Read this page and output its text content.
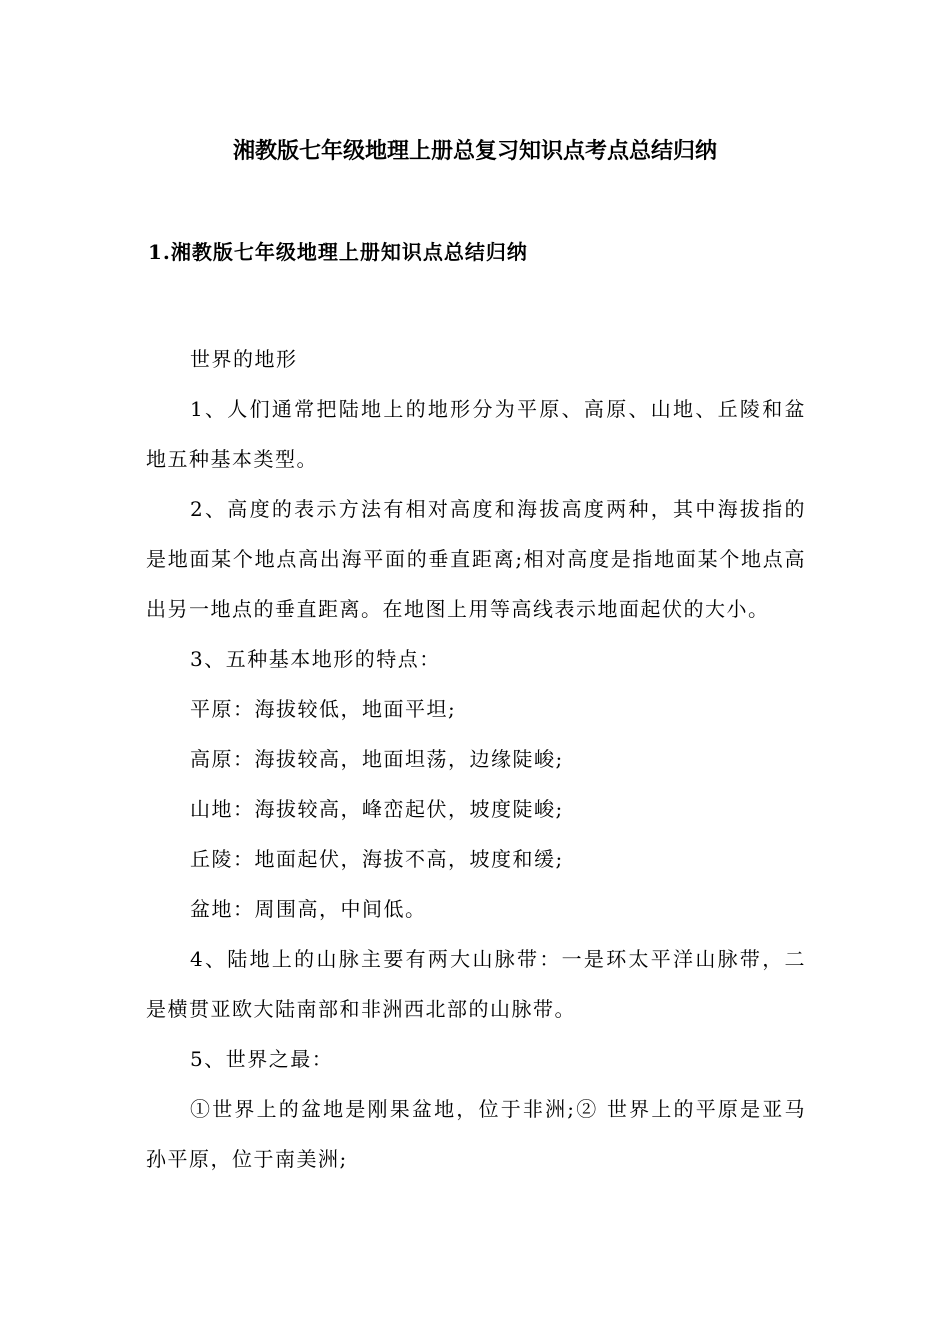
湘教版七年级地理上册总复习知识点考点总结归纳
1.湘教版七年级地理上册知识点总结归纳

世界的地形

1、人们通常把陆地上的地形分为平原、高原、山地、丘陵和盆地五种基本类型。

2、高度的表示方法有相对高度和海拔高度两种，其中海拔指的是地面某个地点高出海平面的垂直距离;相对高度是指地面某个地点高出另一地点的垂直距离。在地图上用等高线表示地面起伏的大小。

3、五种基本地形的特点：

平原：海拔较低，地面平坦;

高原：海拔较高，地面坦荡，边缘陡峻;

山地：海拔较高，峰峦起伏，坡度陡峻;

丘陵：地面起伏，海拔不高，坡度和缓;

盆地：周围高，中间低。

4、陆地上的山脉主要有两大山脉带：一是环太平洋山脉带，二是横贯亚欧大陆南部和非洲西北部的山脉带。

5、世界之最：

①世界上的盆地是刚果盆地，位于非洲;② 世界上的平原是亚马孙平原，位于南美洲;
